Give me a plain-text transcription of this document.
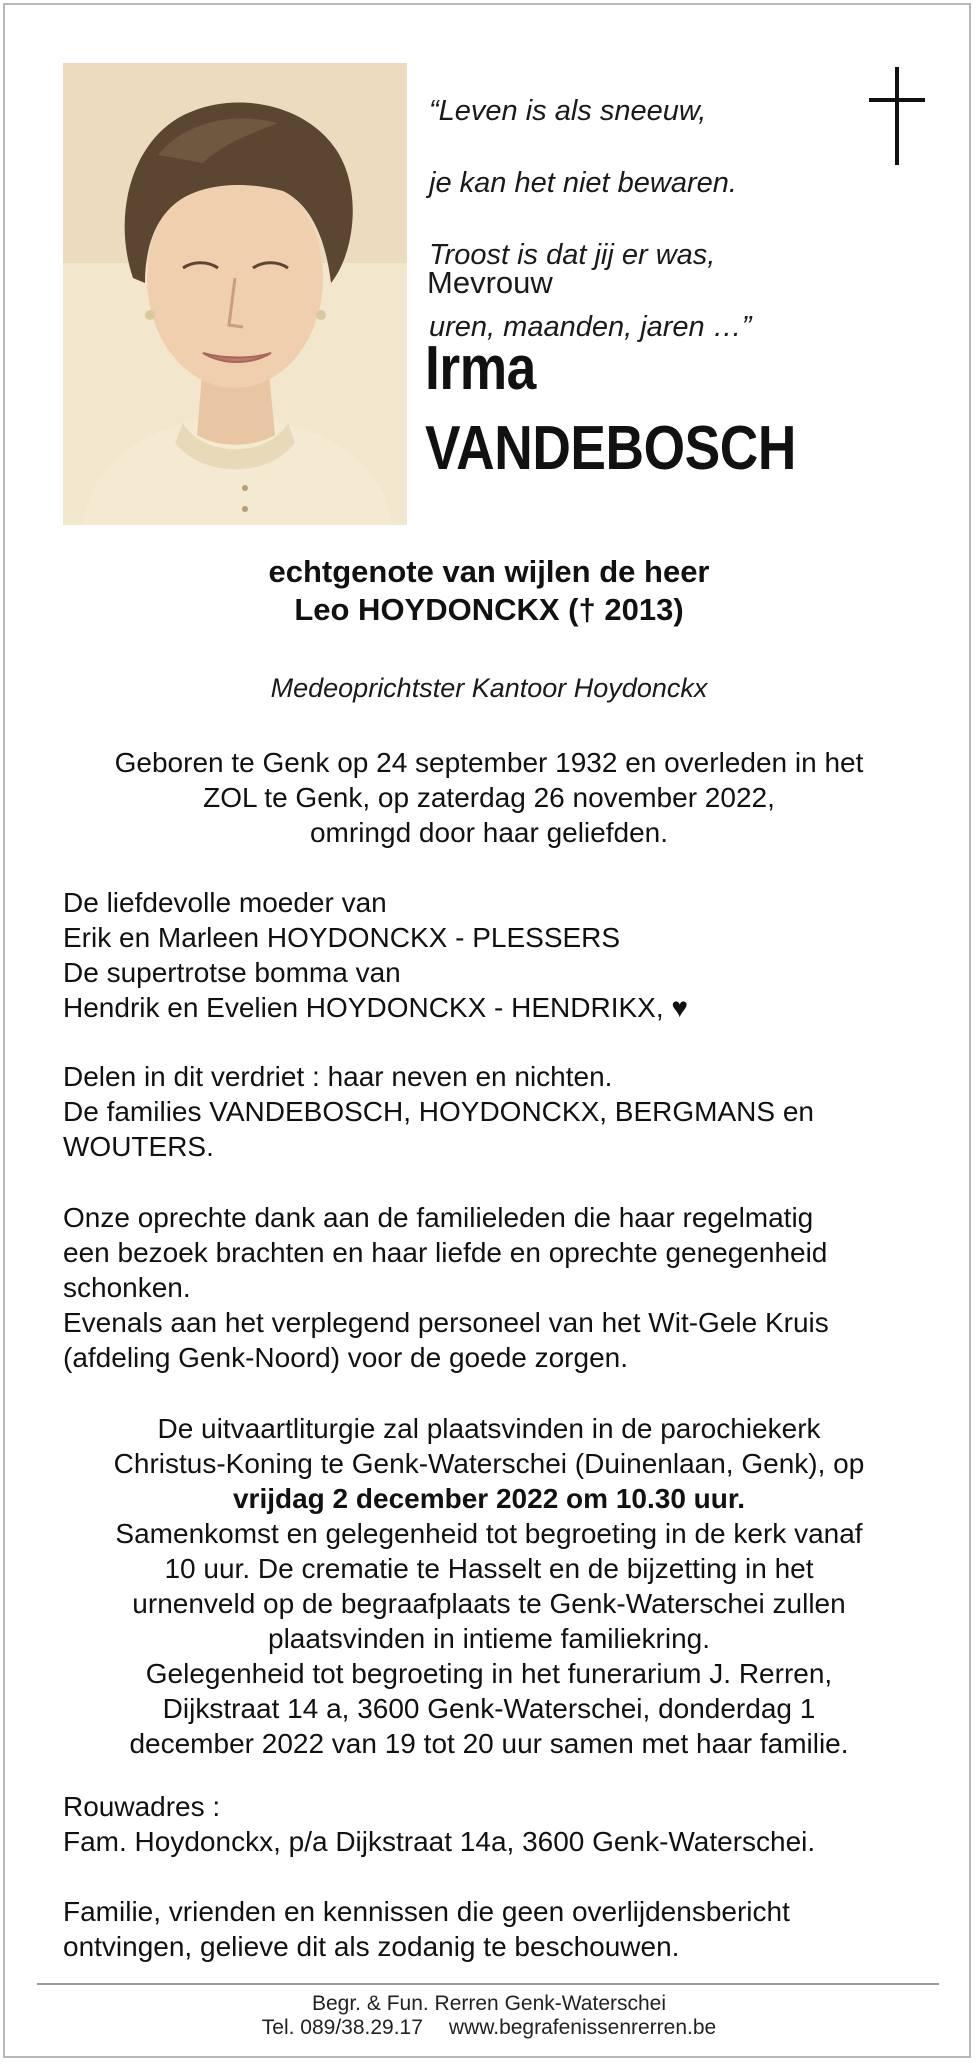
“Leven is als sneeuw,

je kan het niet bewaren.

Troost is dat jij er was,

uren, maanden, jaren …”

Mevrouw
Irma
VANDEBOSCH
echtgenote van wijlen de heer
Leo HOYDONCKX († 2013)
Medeoprichtster Kantoor Hoydonckx
Geboren te Genk op 24 september 1932 en overleden in het
ZOL te Genk, op zaterdag 26 november 2022,
omringd door haar geliefden.
De liefdevolle moeder van
Erik en Marleen HOYDONCKX - PLESSERS
De supertrotse bomma van
Hendrik en Evelien HOYDONCKX - HENDRIKX, ♥
Delen in dit verdriet : haar neven en nichten.
De families VANDEBOSCH, HOYDONCKX, BERGMANS en
WOUTERS.
Onze oprechte dank aan de familieleden die haar regelmatig
een bezoek brachten en haar liefde en oprechte genegenheid
schonken.
Evenals aan het verplegend personeel van het Wit-Gele Kruis
(afdeling Genk-Noord) voor de goede zorgen.
De uitvaartliturgie zal plaatsvinden in de parochiekerk
Christus-Koning te Genk-Waterschei (Duinenlaan, Genk), op
vrijdag 2 december 2022 om 10.30 uur.
Samenkomst en gelegenheid tot begroeting in de kerk vanaf
10 uur. De crematie te Hasselt en de bijzetting in het
urnenveld op de begraafplaats te Genk-Waterschei zullen
plaatsvinden in intieme familiekring.
Gelegenheid tot begroeting in het funerarium J. Rerren,
Dijkstraat 14 a, 3600 Genk-Waterschei, donderdag 1
december 2022 van 19 tot 20 uur samen met haar familie.
Rouwadres :
Fam. Hoydonckx, p/a Dijkstraat 14a, 3600 Genk-Waterschei.
Familie, vrienden en kennissen die geen overlijdensbericht
ontvingen, gelieve dit als zodanig te beschouwen.
Begr. & Fun. Rerren Genk-Waterschei
Tel. 089/38.29.17 www.begrafenissenrerren.be
